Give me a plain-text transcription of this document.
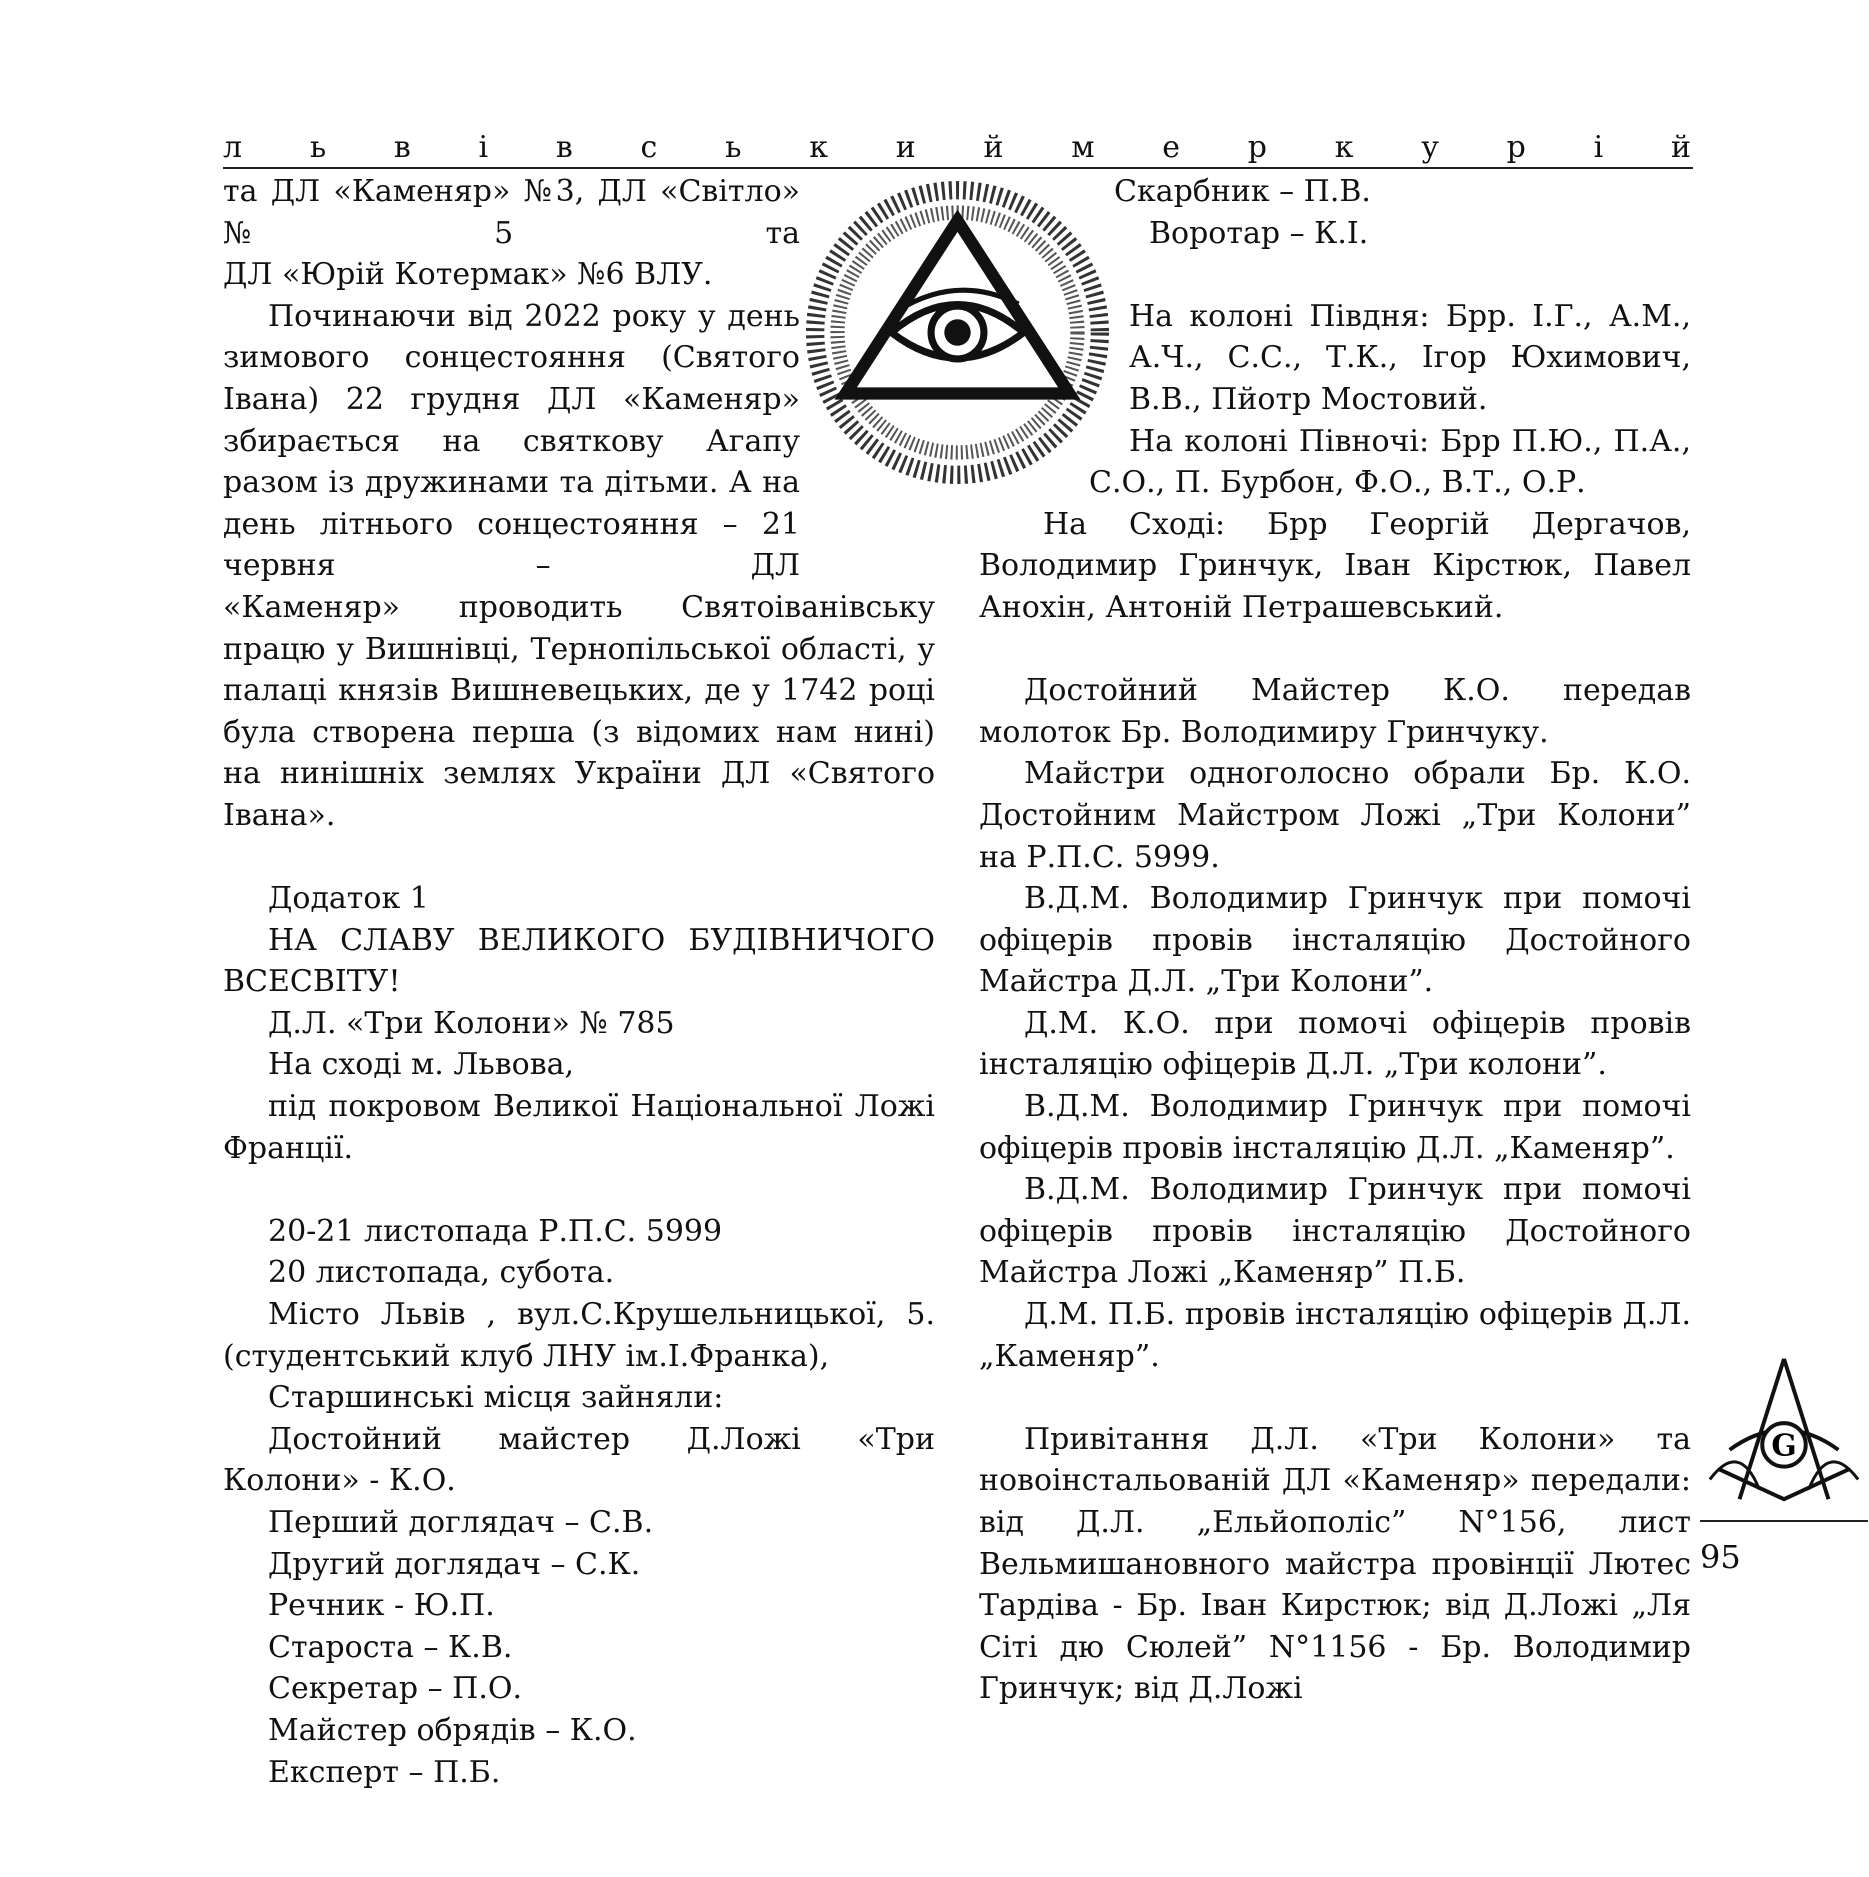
л ь в і в с ь к и й м е р к у р і й

та ДЛ «Каменяр» №3, ДЛ «Світло» №5 та

ДЛ «Юрій Котермак» №6 ВЛУ.

Починаючи від 2022 року у день зимового сонцестояння (Святого Івана) 22 грудня ДЛ «Каменяр» збирається на святкову Агапу разом із дружинами та дітьми. А на день літнього сонцестояння – 21 червня – ДЛ

«Каменяр» проводить Святоіванівську працю у Вишнівці, Тернопільської області, у палаці князів Вишневецьких, де у 1742 році була створена перша (з відомих нам нині) на нинішніх землях України ДЛ «Святого Івана».

Додаток 1

НА СЛАВУ ВЕЛИКОГО БУДІВНИЧОГО ВСЕСВІТУ!

Д.Л. «Три Колони» № 785

На сході м. Львова,

під покровом Великої Національної Ложі Франції.

20-21 листопада Р.П.С. 5999

20 листопада, субота.

Місто Львів , вул.С.Крушельницької, 5. (студентський клуб ЛНУ ім.І.Франка),

Старшинські місця зайняли:

Достойний майстер Д.Ложі «Три Колони» - К.О.

Перший доглядач – С.В.

Другий доглядач – С.К.

Речник - Ю.П.

Староста – К.В.

Секретар – П.О.

Майстер обрядів – К.О.

Експерт – П.Б.

Скарбник – П.В.

Воротар – К.І.

На колоні Півдня: Брр. І.Г., А.М., А.Ч., С.С., Т.К., Ігор Юхимович, В.В., Пйотр Мостовий.

На колоні Півночі: Брр П.Ю., П.А., С.О., П. Бурбон, Ф.О., В.Т., О.Р.

На Сході: Брр Георгій Дергачов, Володимир Гринчук, Іван Кірстюк, Павел Анохін, Антоній Петрашевський.

Достойний Майстер К.О. передав молоток Бр. Володимиру Гринчуку.

Майстри одноголосно обрали Бр. К.О. Достойним Майстром Ложі „Три Колони” на Р.П.С. 5999.

В.Д.М. Володимир Гринчук при помочі офіцерів провів інсталяцію Достойного Майстра Д.Л. „Три Колони”.

Д.М. К.О. при помочі офіцерів провів інсталяцію офіцерів Д.Л. „Три колони”.

В.Д.М. Володимир Гринчук при помочі офіцерів провів інсталяцію Д.Л. „Каменяр”.

В.Д.М. Володимир Гринчук при помочі офіцерів провів інсталяцію Достойного Майстра Ложі „Каменяр” П.Б.

Д.М. П.Б. провів інсталяцію офіцерів Д.Л. „Каменяр”.

Привітання Д.Л. «Три Колони» та новоінстальованій ДЛ «Каменяр» передали: від Д.Л. „Ельйополіс” N°156, лист Вельмишановного майстра провінції Лютес Тардіва - Бр. Іван Кирстюк; від Д.Ложі „Ля Сіті дю Сюлей” N°1156 - Бр. Володимир Гринчук; від Д.Ложі

G
95
